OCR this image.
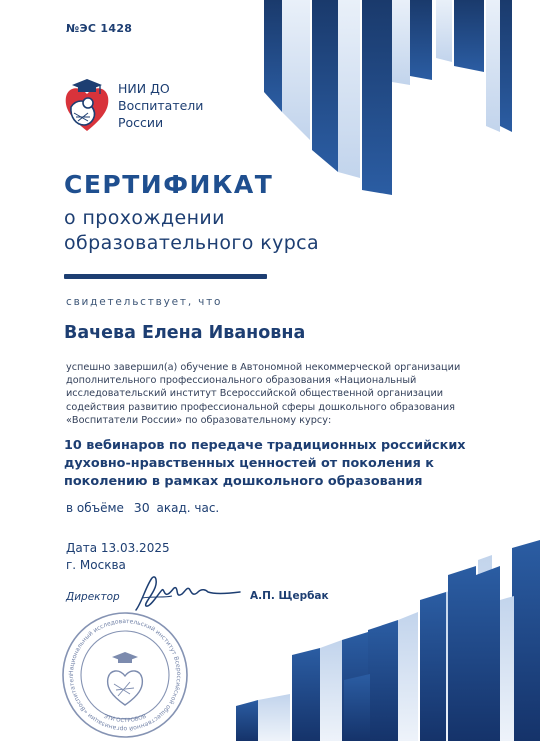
№ЭС 1428
НИИ ДО
Воспитатели
России
СЕРТИФИКАТ
о прохождении
образовательного курса
свидетельствует, что
Вачева Елена Ивановна
успешно завершил(а) обучение в Автономной некоммерческой организации
дополнительного профессионального образования «Национальный
исследовательский институт Всероссийской общественной организации
содействия развитию профессиональной сферы дошкольного образования
«Воспитатели России» по образовательному курсу:
10 вебинаров по передаче традиционных российских
духовно-нравственных ценностей от поколения к
поколению в рамках дошкольного образования
в объёме 30 акад. час.
Дата 13.03.2025
г. Москва
Директор	А.П. Щербак
Национальный исследовательский институт Всероссийской общественной организации «Воспитател
ЭТИ ОСТРОВОВ
